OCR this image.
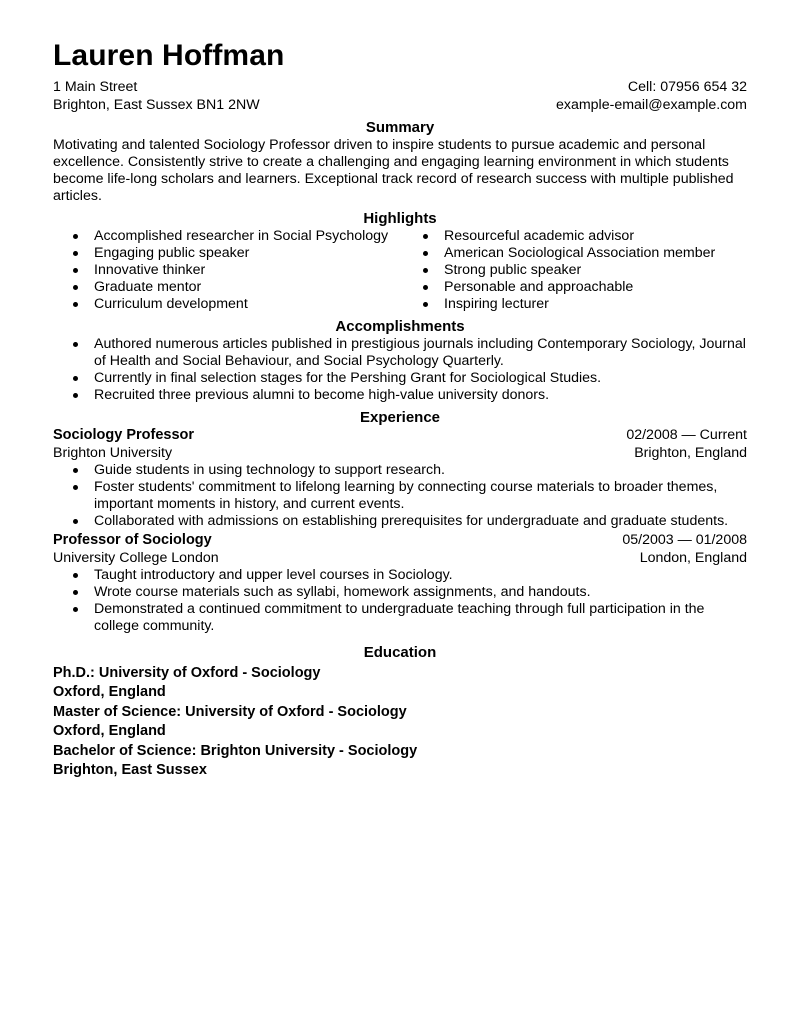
Lauren Hoffman
1 Main Street	Cell: 07956 654 32
Brighton, East Sussex BN1 2NW	example-email@example.com
Summary
Motivating and talented Sociology Professor driven to inspire students to pursue academic and personal excellence. Consistently strive to create a challenging and engaging learning environment in which students become life-long scholars and learners. Exceptional track record of research success with multiple published articles.
Highlights
Accomplished researcher in Social Psychology
Engaging public speaker
Innovative thinker
Graduate mentor
Curriculum development
Resourceful academic advisor
American Sociological Association member
Strong public speaker
Personable and approachable
Inspiring lecturer
Accomplishments
Authored numerous articles published in prestigious journals including Contemporary Sociology, Journal of Health and Social Behaviour, and Social Psychology Quarterly.
Currently in final selection stages for the Pershing Grant for Sociological Studies.
Recruited three previous alumni to become high-value university donors.
Experience
Sociology Professor	02/2008 — Current
Brighton University	Brighton, England
Guide students in using technology to support research.
Foster students' commitment to lifelong learning by connecting course materials to broader themes, important moments in history, and current events.
Collaborated with admissions on establishing prerequisites for undergraduate and graduate students.
Professor of Sociology	05/2003 — 01/2008
University College London	London, England
Taught introductory and upper level courses in Sociology.
Wrote course materials such as syllabi, homework assignments, and handouts.
Demonstrated a continued commitment to undergraduate teaching through full participation in the college community.
Education
Ph.D.: University of Oxford - Sociology
Oxford, England
Master of Science: University of Oxford - Sociology
Oxford, England
Bachelor of Science: Brighton University - Sociology
Brighton, East Sussex
